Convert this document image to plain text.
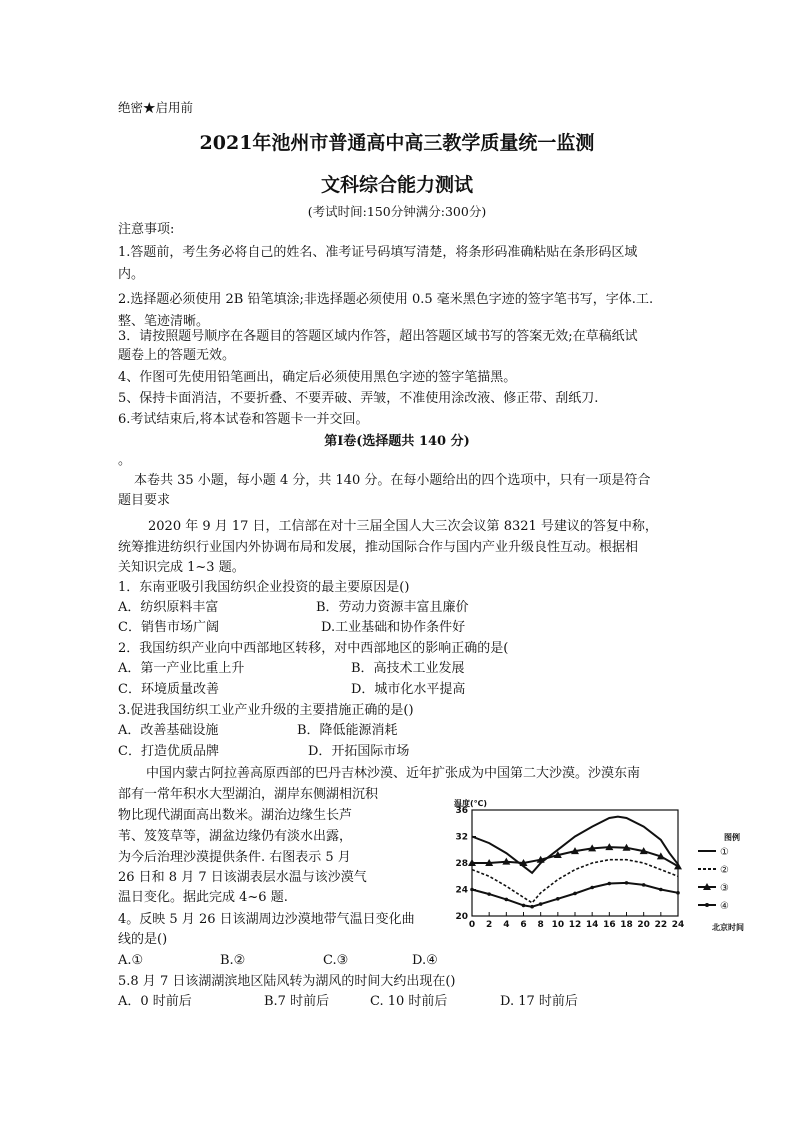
绝密★启用前
2021年池州市普通高中高三教学质量统一监测
文科综合能力测试
(考试时间:150分钟满分:300分)
注意事项:
1.答题前，考生务必将自己的姓名、准考证号码填写清楚，将条形码准确粘贴在条形码区域
内。
2.选择题必须使用 2B 铅笔填涂;非选择题必须使用 0.5 毫米黑色字迹的签字笔书写，字体.工.
整、笔迹清晰。
3．请按照题号顺序在各题目的答题区域内作答，超出答题区域书写的答案无效;在草稿纸试
题卷上的答题无效。
4、作图可先使用铅笔画出，确定后必须使用黑色字迹的签字笔描黑。
5、保持卡面消洁，不要折叠、不要弄破、弄皱，不准使用涂改液、修正带、刮纸刀.
6.考试结束后,将本试卷和答题卡一并交回。
第Ⅰ卷(选择题共 140 分)
。
本卷共 35 小题，每小题 4 分，共 140 分。在每小题给出的四个选项中，只有一项是符合
题目要求
2020 年 9 月 17 日，工信部在对十三届全国人大三次会议第 8321 号建议的答复中称，
统筹推进纺织行业国内外协调布局和发展，推动国际合作与国内产业升级良性互动。根据相
关知识完成 1~3 题。
1．东南亚吸引我国纺织企业投资的最主要原因是()
A．纺织原料丰富	B．劳动力资源丰富且廉价
C．销售市场广阔	D.工业基础和协作条件好
2．我国纺织产业向中西部地区转移，对中西部地区的影响正确的是(
A．第一产业比重上升	B．高技术工业发展
C．环境质量改善	D．城市化水平提高
3.促进我国纺织工业产业升级的主要措施正确的是()
A．改善基础设施	B．降低能源消耗
C．打造优质品牌	D．开拓国际市场
中国内蒙古阿拉善高原西部的巴丹吉林沙漠、近年扩张成为中国第二大沙漠。沙漠东南
部有一常年积水大型湖泊，湖岸东侧湖相沉积
物比现代湖面高出数米。湖治边缘生长芦
苇、笈笈草等，湖盆边缘仍有淡水出露，
为今后治理沙漠提供条件. 右图表示 5 月
26 日和 8 月 7 日该湖表层水温与该沙漠气
温日变化。据此完成 4~6 题.
4。反映 5 月 26 日该湖周边沙漠地带气温日变化曲
线的是()
A.①	B.②	C.③	D.④
5.8 月 7 日该湖湖滨地区陆风转为湖风的时间大约出现在()
A．0 时前后	B.7 时前后	C. 10 时前后	D. 17 时前后
温度(℃)
北京时间
图例
20
24
28
32
36
0 2 4 6 8 10 12 14 16 18 20 22 24
①
②
③
④
